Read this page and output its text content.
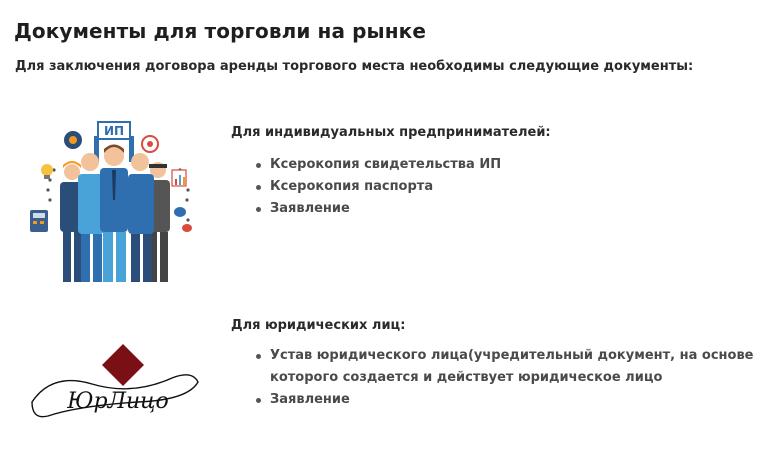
Документы для торговли на рынке

Для заключения договора аренды торгового места необходимы следующие документы:

ИП	Для индивидуальных предпринимателей:
Ксерокопия свидетельства ИП
Ксерокопия паспорта
Заявление
ЮрЛицо
Для юридических лиц:
Устав юридического лица(учредительный документ, на основе которого создается и действует юридическое лицо
Заявление
